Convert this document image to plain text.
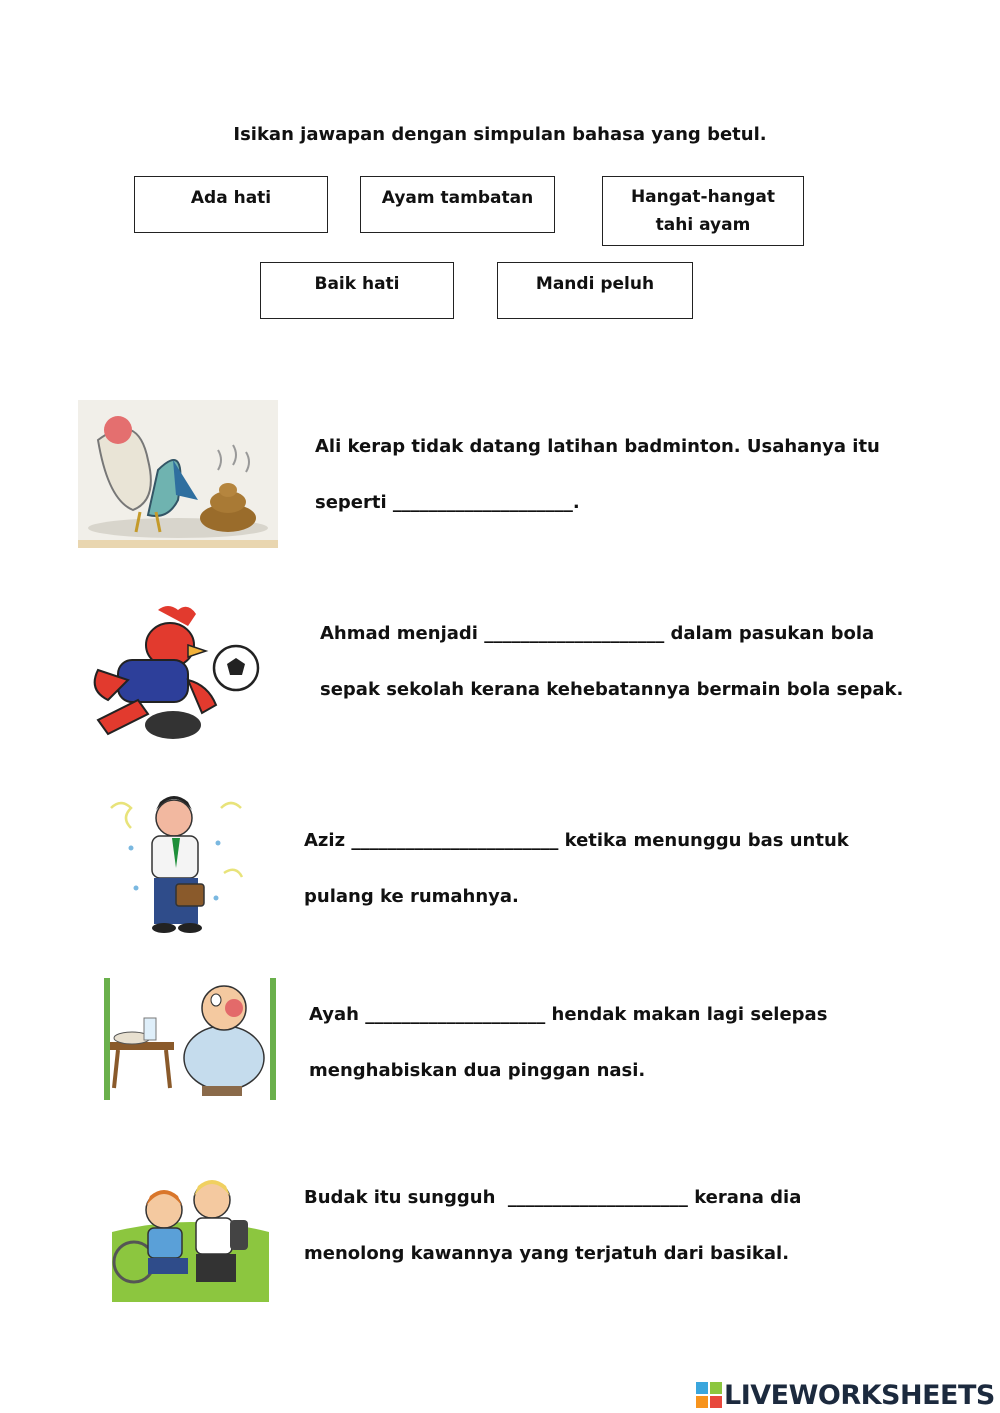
Isikan jawapan dengan simpulan bahasa yang betul.
Ada hati	Ayam tambatan	Hangat-hangat
tahi ayam
Baik hati	Mandi peluh
Ali kerap tidak datang latihan badminton. Usahanya itu
seperti ____________________.
Ahmad menjadi ____________________ dalam pasukan bola
sepak sekolah kerana kehebatannya bermain bola sepak.
Aziz _______________________ ketika menunggu bas untuk
pulang ke rumahnya.
Ayah ____________________ hendak makan lagi selepas
menghabiskan dua pinggan nasi.
Budak itu sungguh  ____________________ kerana dia
menolong kawannya yang terjatuh dari basikal.
LIVEWORKSHEETS
